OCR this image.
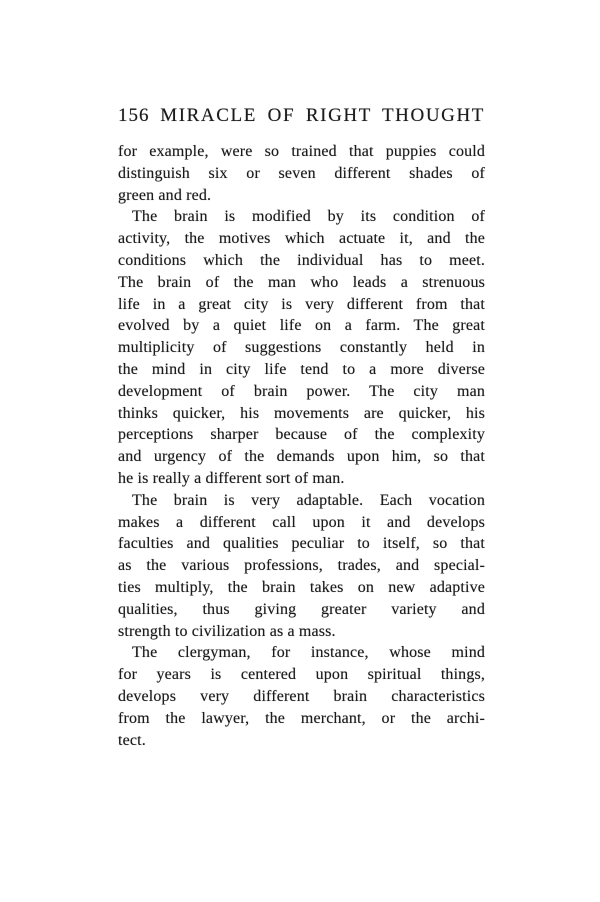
156 MIRACLE OF RIGHT THOUGHT
for example, were so trained that puppies could
distinguish six or seven different shades of
green and red.
The brain is modified by its condition of
activity, the motives which actuate it, and the
conditions which the individual has to meet.
The brain of the man who leads a strenuous
life in a great city is very different from that
evolved by a quiet life on a farm. The great
multiplicity of suggestions constantly held in
the mind in city life tend to a more diverse
development of brain power. The city man
thinks quicker, his movements are quicker, his
perceptions sharper because of the complexity
and urgency of the demands upon him, so that
he is really a different sort of man.
The brain is very adaptable. Each vocation
makes a different call upon it and develops
faculties and qualities peculiar to itself, so that
as the various professions, trades, and special-
ties multiply, the brain takes on new adaptive
qualities, thus giving greater variety and
strength to civilization as a mass.
The clergyman, for instance, whose mind
for years is centered upon spiritual things,
develops very different brain characteristics
from the lawyer, the merchant, or the archi-
tect.
